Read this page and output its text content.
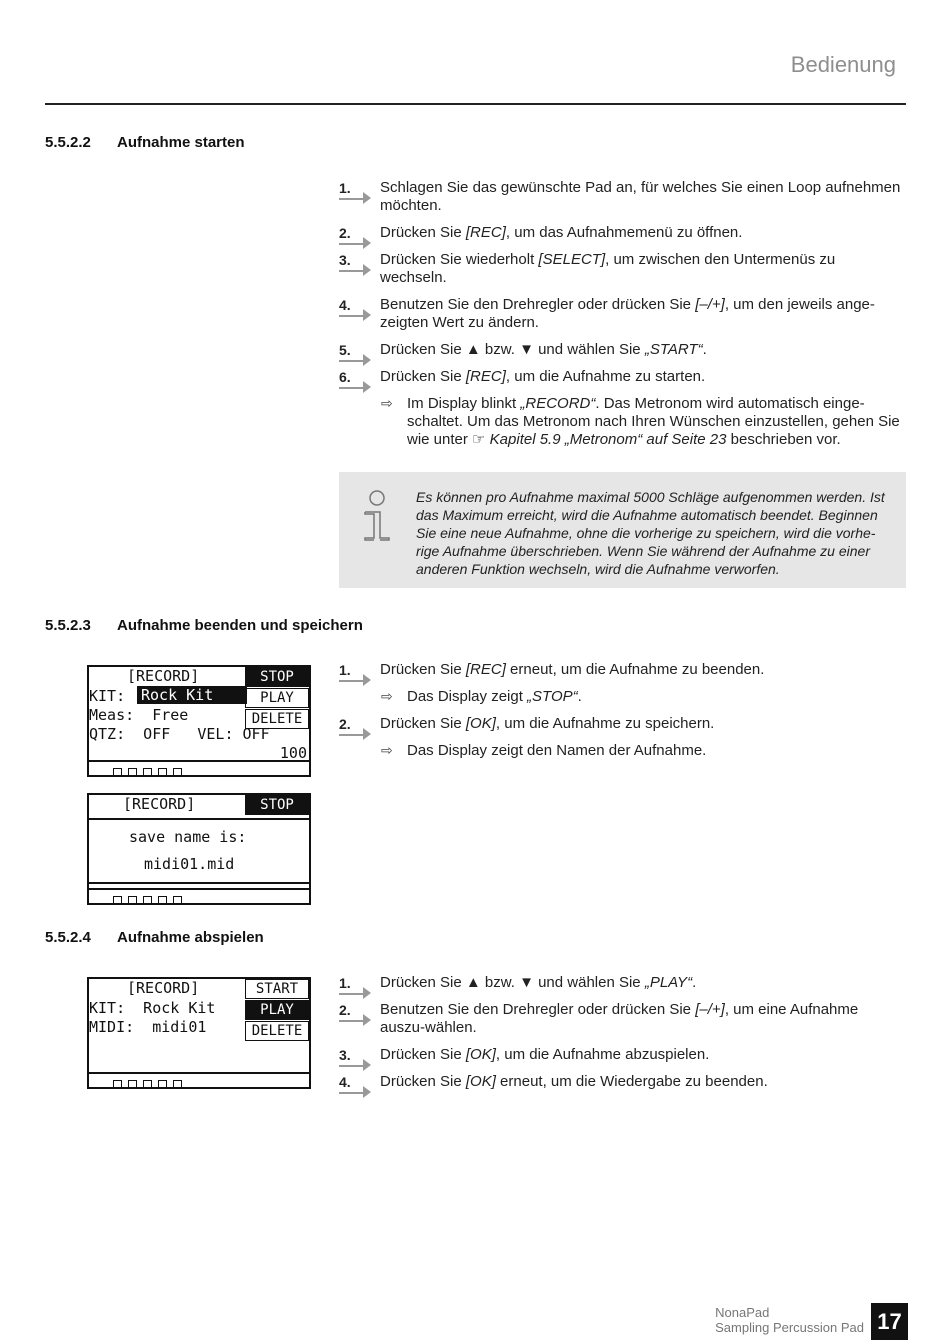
Bedienung
5.5.2.2 Aufnahme starten
1.	Schlagen Sie das gewünschte Pad an, für welches Sie einen Loop aufnehmen möchten.
2.	Drücken Sie [REC], um das Aufnahmemenü zu öffnen.
3.	Drücken Sie wiederholt [SELECT], um zwischen den Untermenüs zu wechseln.
4.	Benutzen Sie den Drehregler oder drücken Sie [–/+], um den jeweils ange-zeigten Wert zu ändern.
5.	Drücken Sie ▲ bzw. ▼ und wählen Sie „START“.
6.	Drücken Sie [REC], um die Aufnahme zu starten.
⇨ Im Display blinkt „RECORD“. Das Metronom wird automatisch einge-schaltet. Um das Metronom nach Ihren Wünschen einzustellen, gehen Sie wie unter ☞ Kapitel 5.9 „Metronom“ auf Seite 23 beschrieben vor.
Es können pro Aufnahme maximal 5000 Schläge aufgenommen werden. Ist das Maximum erreicht, wird die Aufnahme automatisch beendet. Beginnen Sie eine neue Aufnahme, ohne die vorherige zu speichern, wird die vorhe-rige Aufnahme überschrieben. Wenn Sie während der Aufnahme zu einer anderen Funktion wechseln, wird die Aufnahme verworfen.
5.5.2.3 Aufnahme beenden und speichern
[RECORD]
KIT: Rock Kit
Meas:  Free
QTZ:  OFF   VEL: OFF
100
STOP
PLAY
DELETE
[RECORD]	STOP
save name is:
midi01.mid
1.	Drücken Sie [REC] erneut, um die Aufnahme zu beenden.
⇨ Das Display zeigt „STOP“.
2.	Drücken Sie [OK], um die Aufnahme zu speichern.
⇨ Das Display zeigt den Namen der Aufnahme.
5.5.2.4 Aufnahme abspielen
[RECORD]
KIT:  Rock Kit
MIDI:  midi01
START
PLAY
DELETE
1.	Drücken Sie ▲ bzw. ▼ und wählen Sie „PLAY“.
2.	Benutzen Sie den Drehregler oder drücken Sie [–/+], um eine Aufnahme auszu-wählen.
3.	Drücken Sie [OK], um die Aufnahme abzuspielen.
4.	Drücken Sie [OK] erneut, um die Wiedergabe zu beenden.
NonaPad
Sampling Percussion Pad 17
